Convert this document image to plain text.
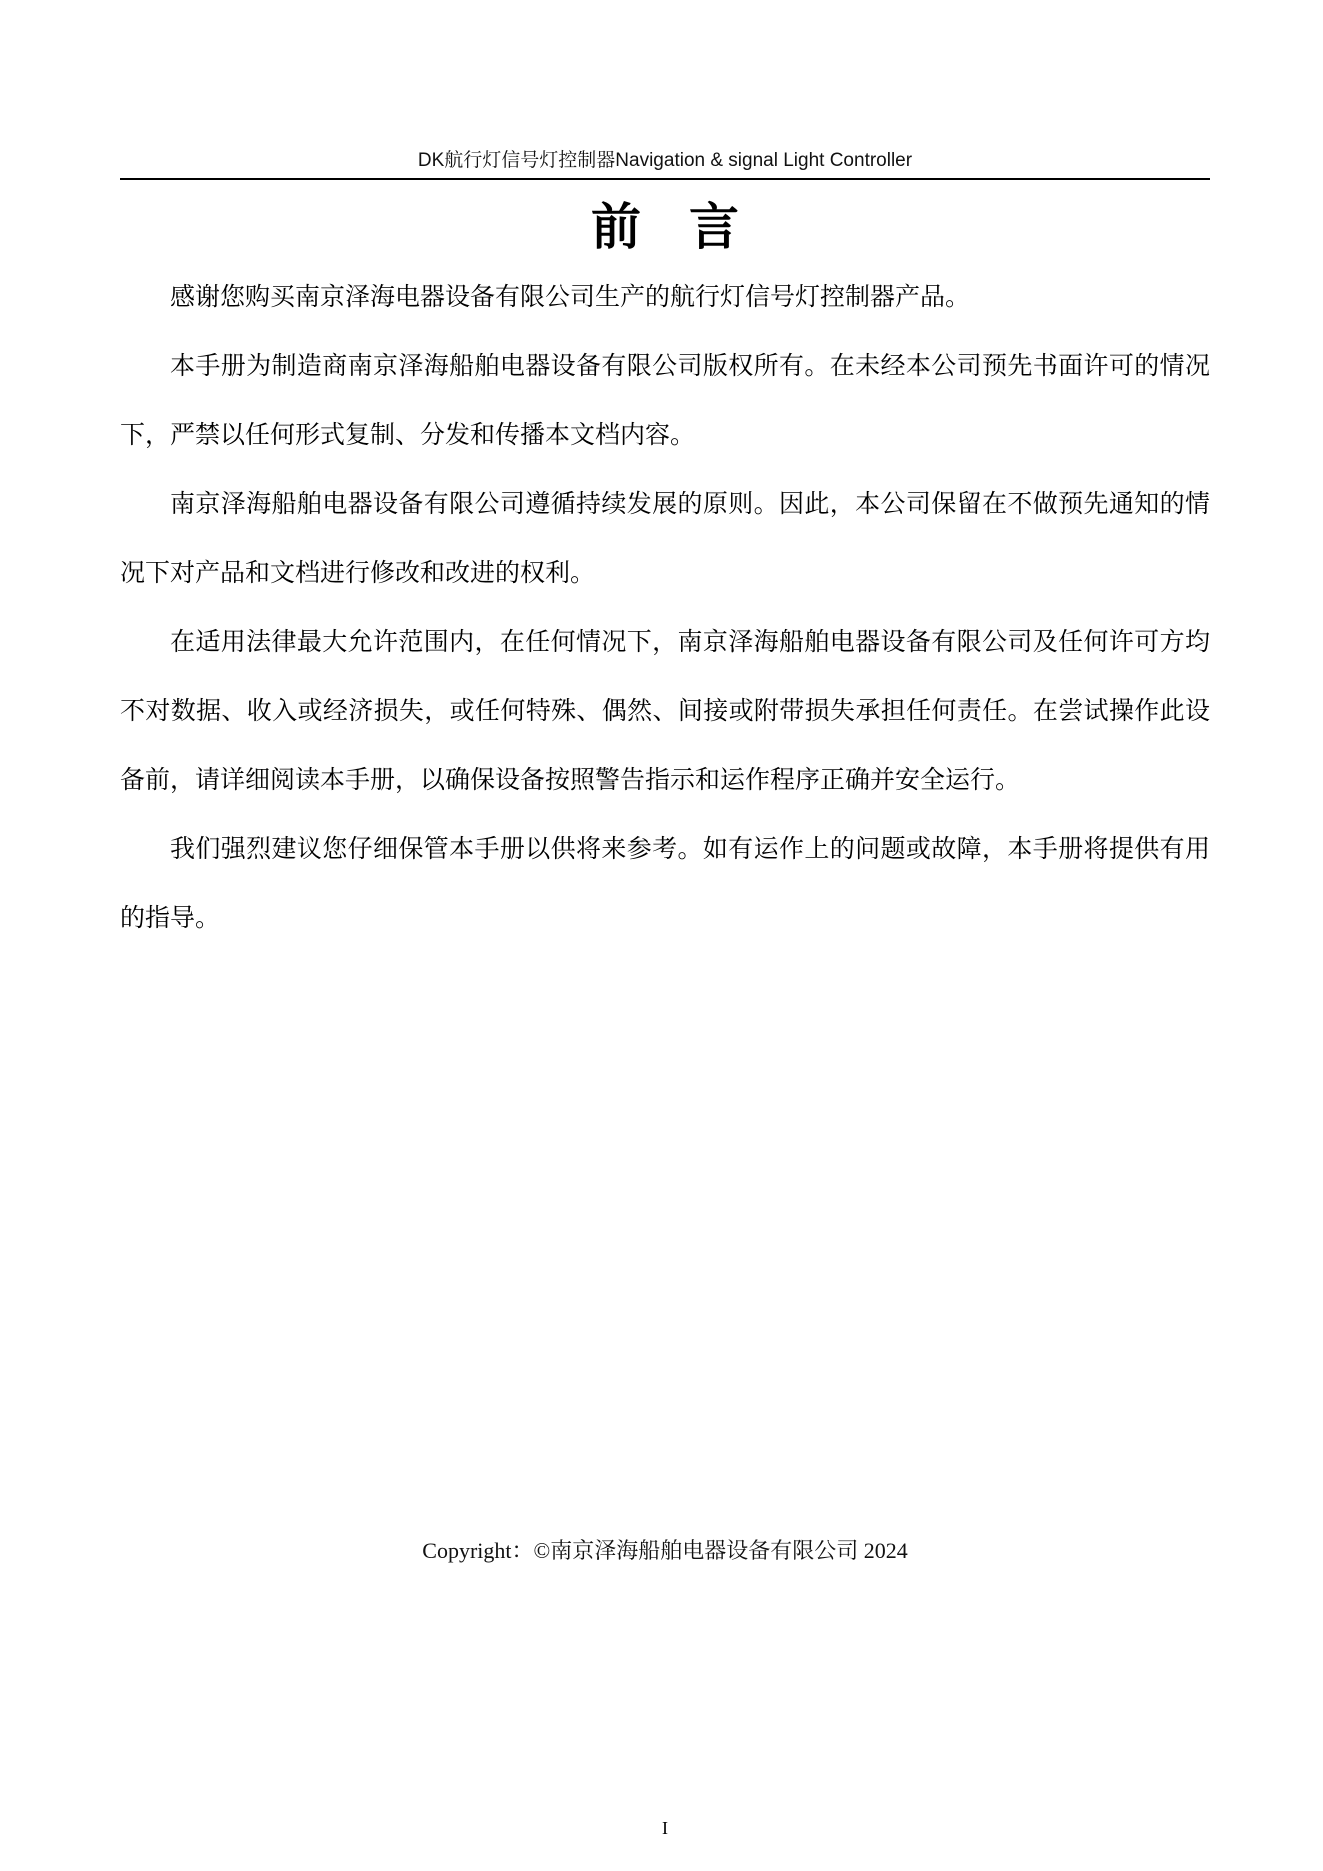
DK航行灯信号灯控制器Navigation & signal Light Controller
前言

感谢您购买南京泽海电器设备有限公司生产的航行灯信号灯控制器产品。

本手册为制造商南京泽海船舶电器设备有限公司版权所有。在未经本公司预先书面许可的情况下，严禁以任何形式复制、分发和传播本文档内容。

南京泽海船舶电器设备有限公司遵循持续发展的原则。因此，本公司保留在不做预先通知的情况下对产品和文档进行修改和改进的权利。

在适用法律最大允许范围内，在任何情况下，南京泽海船舶电器设备有限公司及任何许可方均不对数据、收入或经济损失，或任何特殊、偶然、间接或附带损失承担任何责任。在尝试操作此设备前，请详细阅读本手册，以确保设备按照警告指示和运作程序正确并安全运行。

我们强烈建议您仔细保管本手册以供将来参考。如有运作上的问题或故障，本手册将提供有用的指导。

Copyright：©南京泽海船舶电器设备有限公司 2024
I
